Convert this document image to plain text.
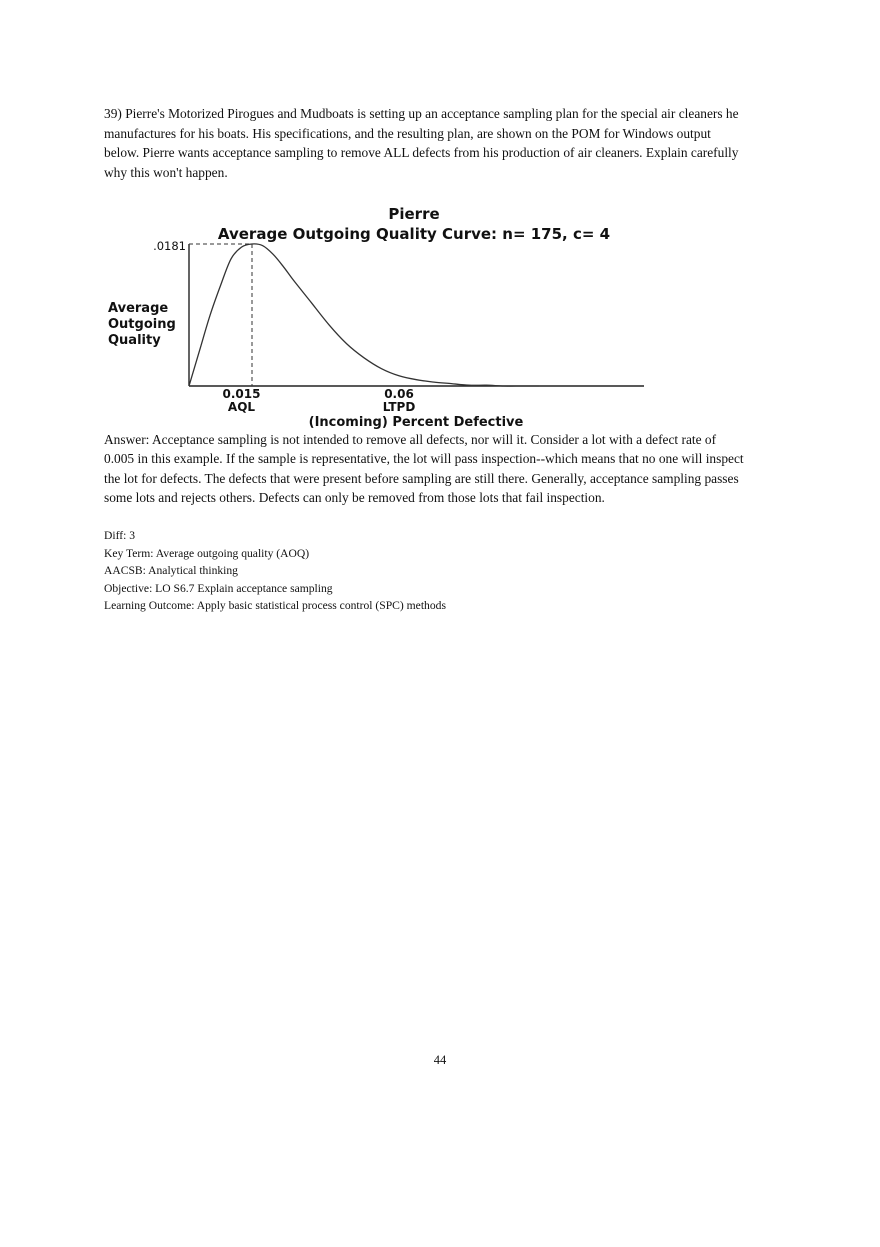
39) Pierre's Motorized Pirogues and Mudboats is setting up an acceptance sampling plan for the special air cleaners he manufactures for his boats. His specifications, and the resulting plan, are shown on the POM for Windows output below. Pierre wants acceptance sampling to remove ALL defects from his production of air cleaners. Explain carefully why this won't happen.

Pierre
Average Outgoing Quality Curve: n= 175, c= 4
.0181
Average
Outgoing
Quality
0.015
AQL
0.06
LTPD
(Incoming) Percent Defective

Answer: Acceptance sampling is not intended to remove all defects, nor will it. Consider a lot with a defect rate of 0.005 in this example. If the sample is representative, the lot will pass inspection--which means that no one will inspect the lot for defects. The defects that were present before sampling are still there. Generally, acceptance sampling passes some lots and rejects others. Defects can only be removed from those lots that fail inspection.

Diff: 3
Key Term: Average outgoing quality (AOQ)
AACSB: Analytical thinking
Objective: LO S6.7 Explain acceptance sampling
Learning Outcome: Apply basic statistical process control (SPC) methods
44
